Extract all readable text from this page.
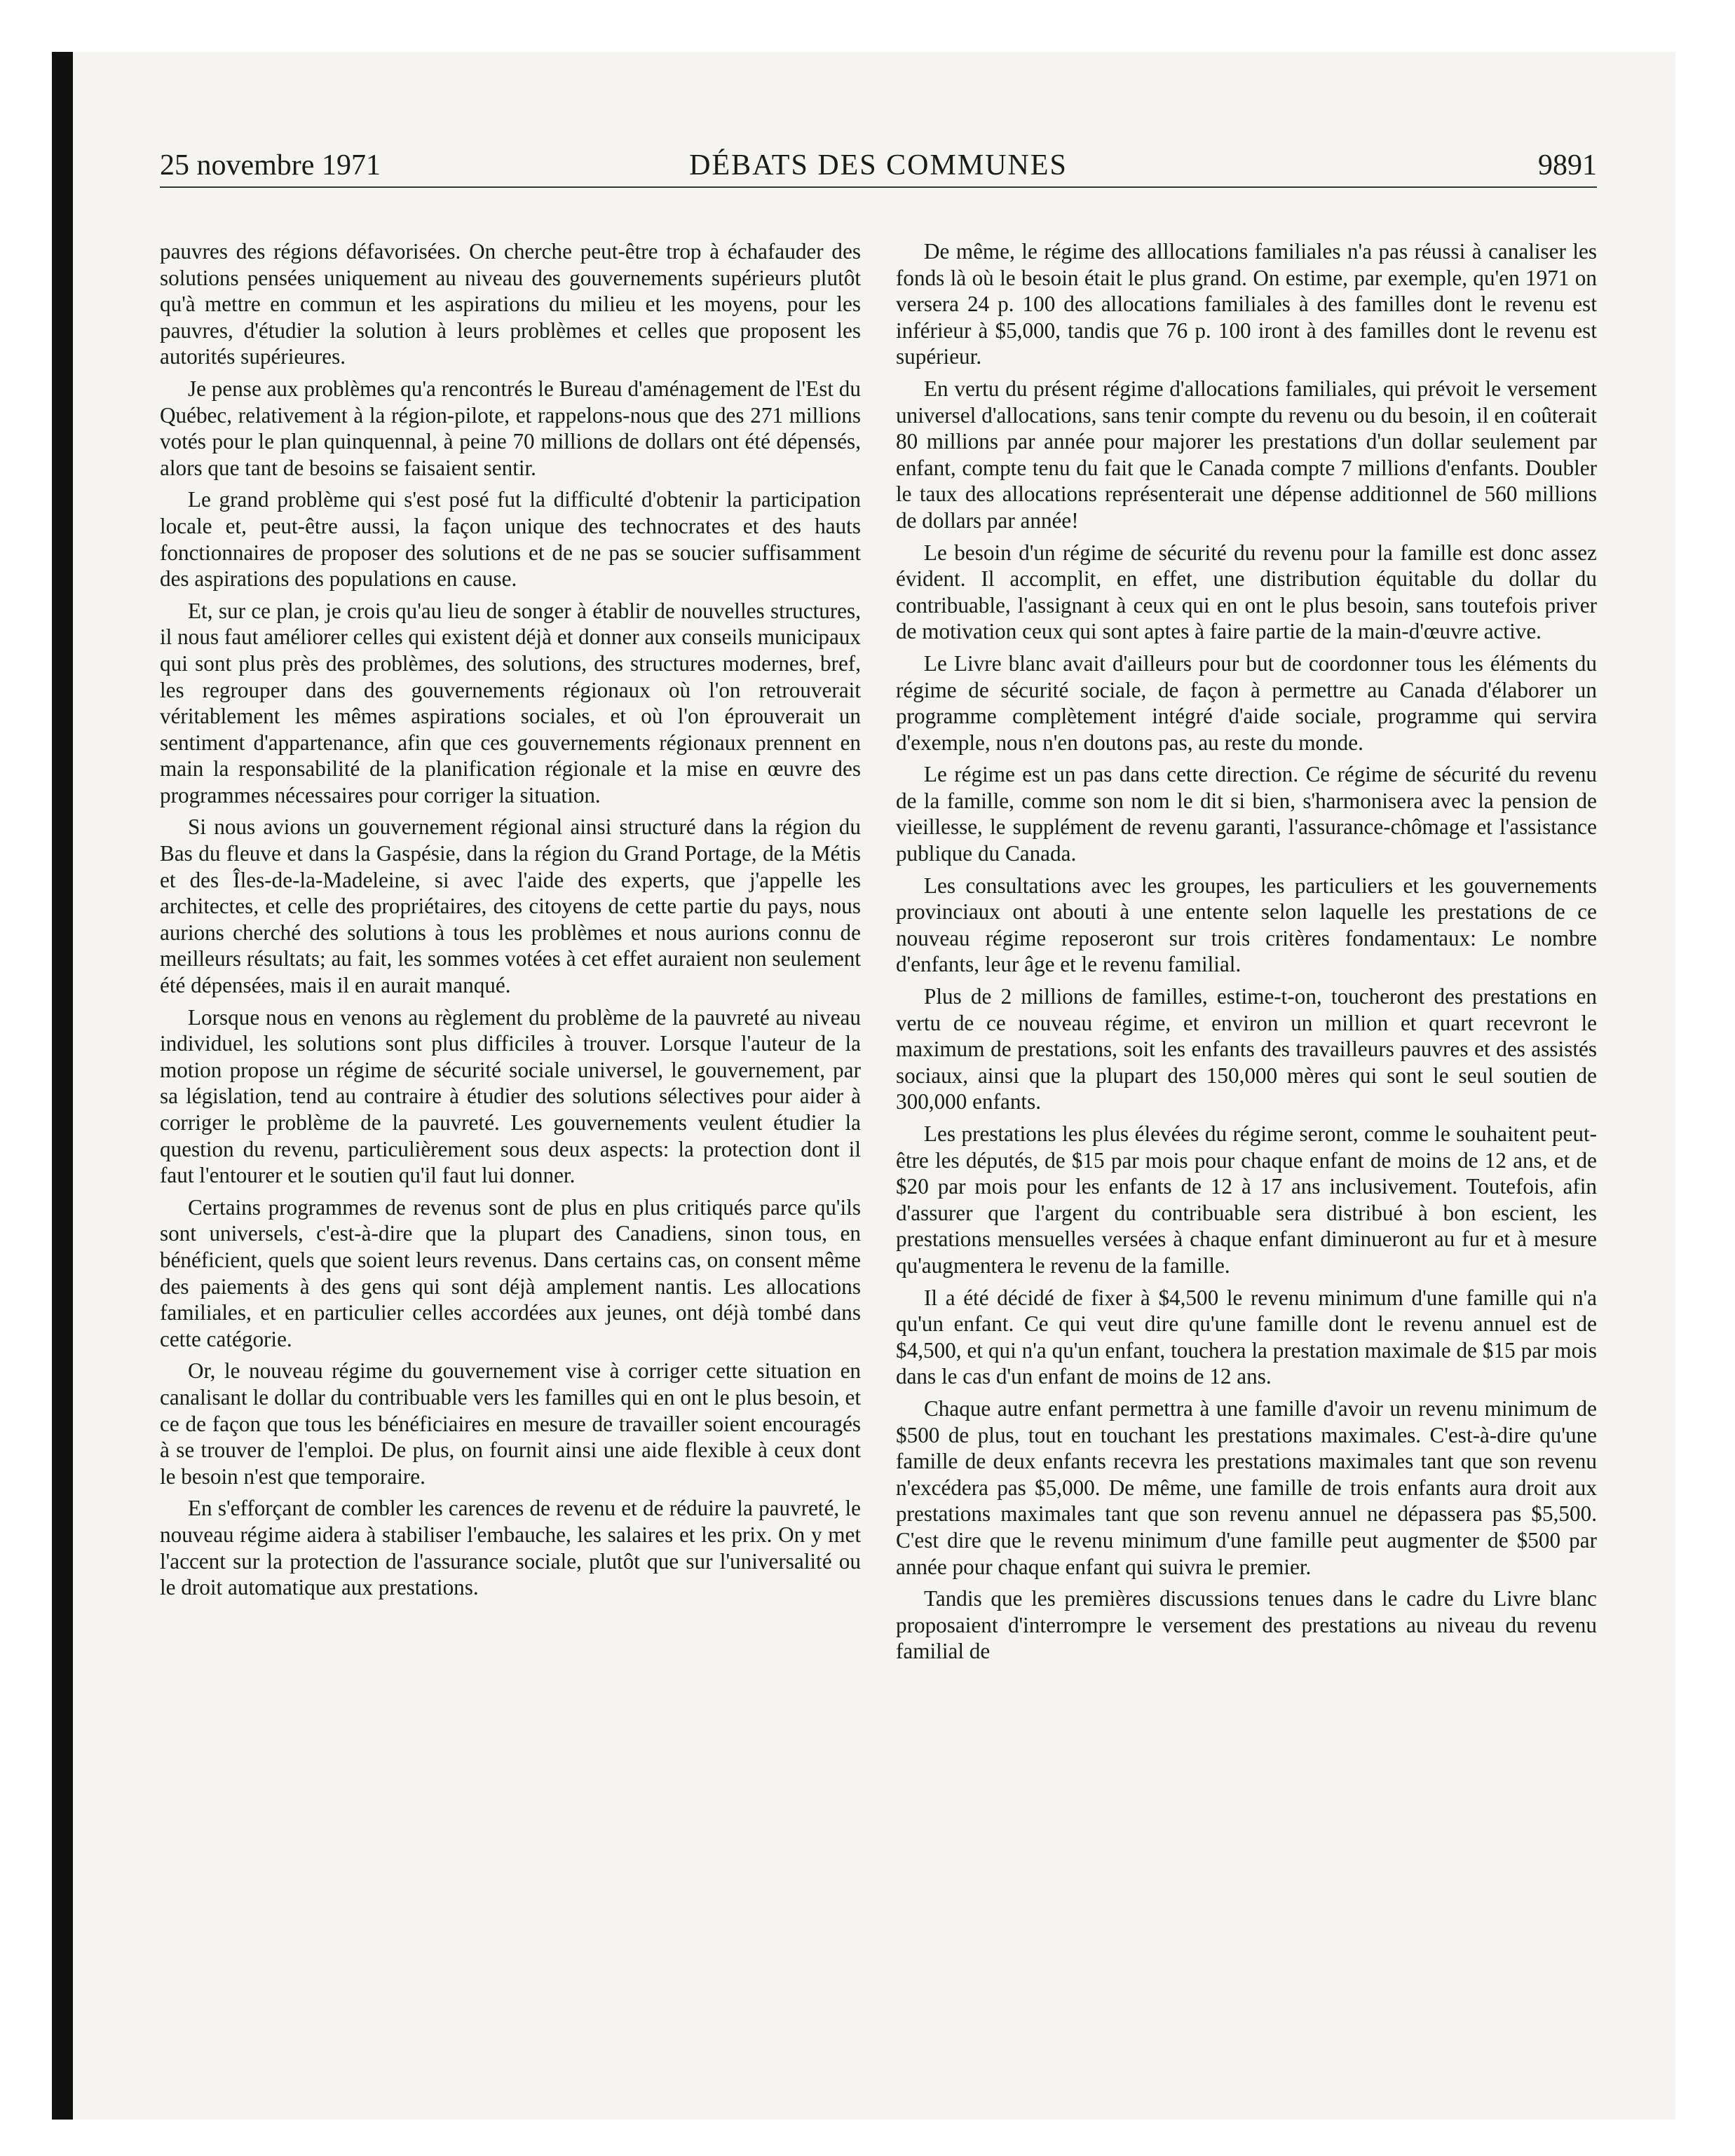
25 novembre 1971	DÉBATS DES COMMUNES	9891

pauvres des régions défavorisées. On cherche peut-être trop à échafauder des solutions pensées uniquement au niveau des gouvernements supérieurs plutôt qu'à mettre en commun et les aspirations du milieu et les moyens, pour les pauvres, d'étudier la solution à leurs problèmes et celles que proposent les autorités supérieures.

Je pense aux problèmes qu'a rencontrés le Bureau d'aménagement de l'Est du Québec, relativement à la région-pilote, et rappelons-nous que des 271 millions votés pour le plan quinquennal, à peine 70 millions de dollars ont été dépensés, alors que tant de besoins se faisaient sentir.

Le grand problème qui s'est posé fut la difficulté d'obtenir la participation locale et, peut-être aussi, la façon unique des technocrates et des hauts fonctionnaires de proposer des solutions et de ne pas se soucier suffisamment des aspirations des populations en cause.

Et, sur ce plan, je crois qu'au lieu de songer à établir de nouvelles structures, il nous faut améliorer celles qui existent déjà et donner aux conseils municipaux qui sont plus près des problèmes, des solutions, des structures modernes, bref, les regrouper dans des gouvernements régionaux où l'on retrouverait véritablement les mêmes aspirations sociales, et où l'on éprouverait un sentiment d'appartenance, afin que ces gouvernements régionaux prennent en main la responsabilité de la planification régionale et la mise en œuvre des programmes nécessaires pour corriger la situation.

Si nous avions un gouvernement régional ainsi structuré dans la région du Bas du fleuve et dans la Gaspésie, dans la région du Grand Portage, de la Métis et des Îles-de-la-Madeleine, si avec l'aide des experts, que j'appelle les architectes, et celle des propriétaires, des citoyens de cette partie du pays, nous aurions cherché des solutions à tous les problèmes et nous aurions connu de meilleurs résultats; au fait, les sommes votées à cet effet auraient non seulement été dépensées, mais il en aurait manqué.

Lorsque nous en venons au règlement du problème de la pauvreté au niveau individuel, les solutions sont plus difficiles à trouver. Lorsque l'auteur de la motion propose un régime de sécurité sociale universel, le gouvernement, par sa législation, tend au contraire à étudier des solutions sélectives pour aider à corriger le problème de la pauvreté. Les gouvernements veulent étudier la question du revenu, particulièrement sous deux aspects: la protection dont il faut l'entourer et le soutien qu'il faut lui donner.

Certains programmes de revenus sont de plus en plus critiqués parce qu'ils sont universels, c'est-à-dire que la plupart des Canadiens, sinon tous, en bénéficient, quels que soient leurs revenus. Dans certains cas, on consent même des paiements à des gens qui sont déjà amplement nantis. Les allocations familiales, et en particulier celles accordées aux jeunes, ont déjà tombé dans cette catégorie.

Or, le nouveau régime du gouvernement vise à corriger cette situation en canalisant le dollar du contribuable vers les familles qui en ont le plus besoin, et ce de façon que tous les bénéficiaires en mesure de travailler soient encouragés à se trouver de l'emploi. De plus, on fournit ainsi une aide flexible à ceux dont le besoin n'est que temporaire.

En s'efforçant de combler les carences de revenu et de réduire la pauvreté, le nouveau régime aidera à stabiliser l'embauche, les salaires et les prix. On y met l'accent sur la protection de l'assurance sociale, plutôt que sur l'universalité ou le droit automatique aux prestations.

De même, le régime des alllocations familiales n'a pas réussi à canaliser les fonds là où le besoin était le plus grand. On estime, par exemple, qu'en 1971 on versera 24 p. 100 des allocations familiales à des familles dont le revenu est inférieur à $5,000, tandis que 76 p. 100 iront à des familles dont le revenu est supérieur.

En vertu du présent régime d'allocations familiales, qui prévoit le versement universel d'allocations, sans tenir compte du revenu ou du besoin, il en coûterait 80 millions par année pour majorer les prestations d'un dollar seulement par enfant, compte tenu du fait que le Canada compte 7 millions d'enfants. Doubler le taux des allocations représenterait une dépense additionnel de 560 millions de dollars par année!

Le besoin d'un régime de sécurité du revenu pour la famille est donc assez évident. Il accomplit, en effet, une distribution équitable du dollar du contribuable, l'assignant à ceux qui en ont le plus besoin, sans toutefois priver de motivation ceux qui sont aptes à faire partie de la main-d'œuvre active.

Le Livre blanc avait d'ailleurs pour but de coordonner tous les éléments du régime de sécurité sociale, de façon à permettre au Canada d'élaborer un programme complètement intégré d'aide sociale, programme qui servira d'exemple, nous n'en doutons pas, au reste du monde.

Le régime est un pas dans cette direction. Ce régime de sécurité du revenu de la famille, comme son nom le dit si bien, s'harmonisera avec la pension de vieillesse, le supplément de revenu garanti, l'assurance-chômage et l'assistance publique du Canada.

Les consultations avec les groupes, les particuliers et les gouvernements provinciaux ont abouti à une entente selon laquelle les prestations de ce nouveau régime reposeront sur trois critères fondamentaux: Le nombre d'enfants, leur âge et le revenu familial.

Plus de 2 millions de familles, estime-t-on, toucheront des prestations en vertu de ce nouveau régime, et environ un million et quart recevront le maximum de prestations, soit les enfants des travailleurs pauvres et des assistés sociaux, ainsi que la plupart des 150,000 mères qui sont le seul soutien de 300,000 enfants.

Les prestations les plus élevées du régime seront, comme le souhaitent peut-être les députés, de $15 par mois pour chaque enfant de moins de 12 ans, et de $20 par mois pour les enfants de 12 à 17 ans inclusivement. Toutefois, afin d'assurer que l'argent du contribuable sera distribué à bon escient, les prestations mensuelles versées à chaque enfant diminueront au fur et à mesure qu'augmentera le revenu de la famille.

Il a été décidé de fixer à $4,500 le revenu minimum d'une famille qui n'a qu'un enfant. Ce qui veut dire qu'une famille dont le revenu annuel est de $4,500, et qui n'a qu'un enfant, touchera la prestation maximale de $15 par mois dans le cas d'un enfant de moins de 12 ans.

Chaque autre enfant permettra à une famille d'avoir un revenu minimum de $500 de plus, tout en touchant les prestations maximales. C'est-à-dire qu'une famille de deux enfants recevra les prestations maximales tant que son revenu n'excédera pas $5,000. De même, une famille de trois enfants aura droit aux prestations maximales tant que son revenu annuel ne dépassera pas $5,500. C'est dire que le revenu minimum d'une famille peut augmenter de $500 par année pour chaque enfant qui suivra le premier.

Tandis que les premières discussions tenues dans le cadre du Livre blanc proposaient d'interrompre le versement des prestations au niveau du revenu familial de
